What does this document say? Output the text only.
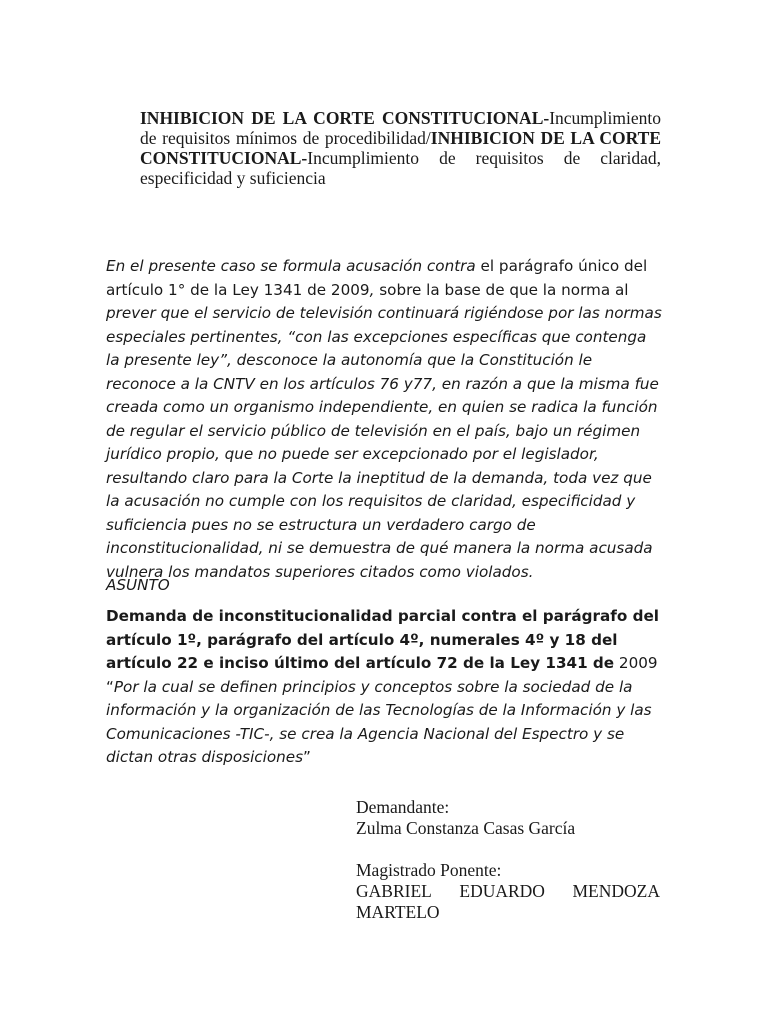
INHIBICION DE LA CORTE CONSTITUCIONAL-Incumplimiento de requisitos mínimos de procedibilidad/INHIBICION DE LA CORTE CONSTITUCIONAL-Incumplimiento de requisitos de claridad, especificidad y suficiencia
En el presente caso se formula acusación contra el parágrafo único del artículo 1° de la Ley 1341 de 2009, sobre la base de que la norma al prever que el servicio de televisión continuará rigiéndose por las normas especiales pertinentes, “con las excepciones específicas que contenga la presente ley”, desconoce la autonomía que la Constitución le reconoce a la CNTV en los artículos 76 y77, en razón a que la misma fue creada como un organismo independiente, en quien se radica la función de regular el servicio público de televisión en el país, bajo un régimen jurídico propio, que no puede ser excepcionado por el legislador, resultando claro para la Corte la ineptitud de la demanda, toda vez que la acusación no cumple con los requisitos de claridad, especificidad y suficiencia pues no se estructura un verdadero cargo de inconstitucionalidad, ni se demuestra de qué manera la norma acusada vulnera los mandatos superiores citados como violados.
ASUNTO
Demanda de inconstitucionalidad parcial contra el parágrafo del artículo 1º, parágrafo del artículo 4º, numerales 4º y 18 del artículo 22 e inciso último del artículo 72 de la Ley 1341 de 2009 “Por la cual se definen principios y conceptos sobre la sociedad de la información y la organización de las Tecnologías de la Información y las Comunicaciones -TIC-, se crea la Agencia Nacional del Espectro y se dictan otras disposiciones”
Demandante:
Zulma Constanza Casas García
Magistrado Ponente:
GABRIEL EDUARDO MENDOZA
MARTELO
